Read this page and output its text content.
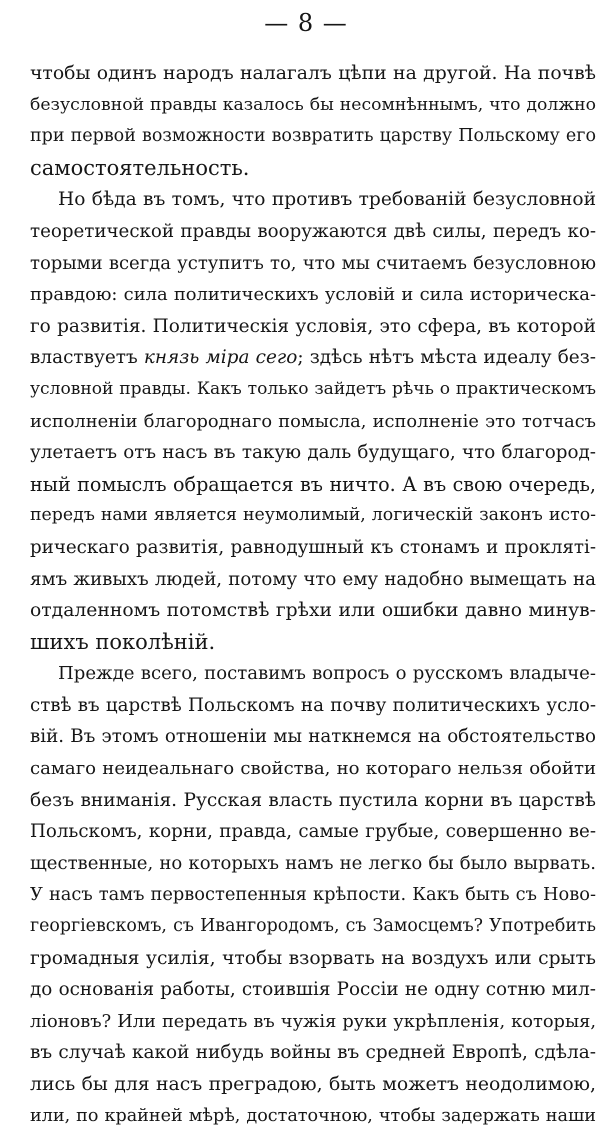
— 8 —
чтобы одинъ народъ налагалъ цѣпи на другой. На почвѣ
безусловной правды казалось бы несомнѣннымъ, что должно
при первой возможности возвратить царству Польскому его
самостоятельность.
Но бѣда въ томъ, что противъ требованій безусловной
теоретической правды вооружаются двѣ силы, передъ ко-
торыми всегда уступитъ то, что мы считаемъ безусловною
правдою: сила политическихъ условій и сила историческа-
го развитія. Политическія условія, это сфера, въ которой
властвуетъ князь міра сего; здѣсь нѣтъ мѣста идеалу без-
условной правды. Какъ только зайдетъ рѣчь о практическомъ
исполненіи благороднаго помысла, исполненіе это тотчасъ
улетаетъ отъ насъ въ такую даль будущаго, что благород-
ный помыслъ обращается въ ничто. А въ свою очередь,
передъ нами является неумолимый, логическій законъ исто-
рическаго развитія, равнодушный къ стонамъ и проклятi-
ямъ живыхъ людей, потому что ему надобно вымещать на
отдаленномъ потомствѣ грѣхи или ошибки давно минув-
шихъ поколѣній.
Прежде всего, поставимъ вопросъ о русскомъ владыче-
ствѣ въ царствѣ Польскомъ на почву политическихъ усло-
вій. Въ этомъ отношеніи мы наткнемся на обстоятельство
самаго неидеальнаго свойства, но котораго нельзя обойти
безъ вниманія. Русская власть пустила корни въ царствѣ
Польскомъ, корни, правда, самые грубые, совершенно ве-
щественные, но которыхъ намъ не легко бы было вырвать.
У насъ тамъ первостепенныя крѣпости. Какъ быть съ Ново-
георгіевскомъ, съ Ивангородомъ, съ Замосцемъ? Употребить
громадныя усилія, чтобы взорвать на воздухъ или срыть
до основанія работы, стоившія Россіи не одну сотню мил-
ліоновъ? Или передать въ чужія руки укрѣпленія, которыя,
въ случаѣ какой нибудь войны въ средней Европѣ, сдѣла-
лись бы для насъ преградою, быть можетъ неодолимою,
или, по крайней мѣрѣ, достаточною, чтобы задержать наши
